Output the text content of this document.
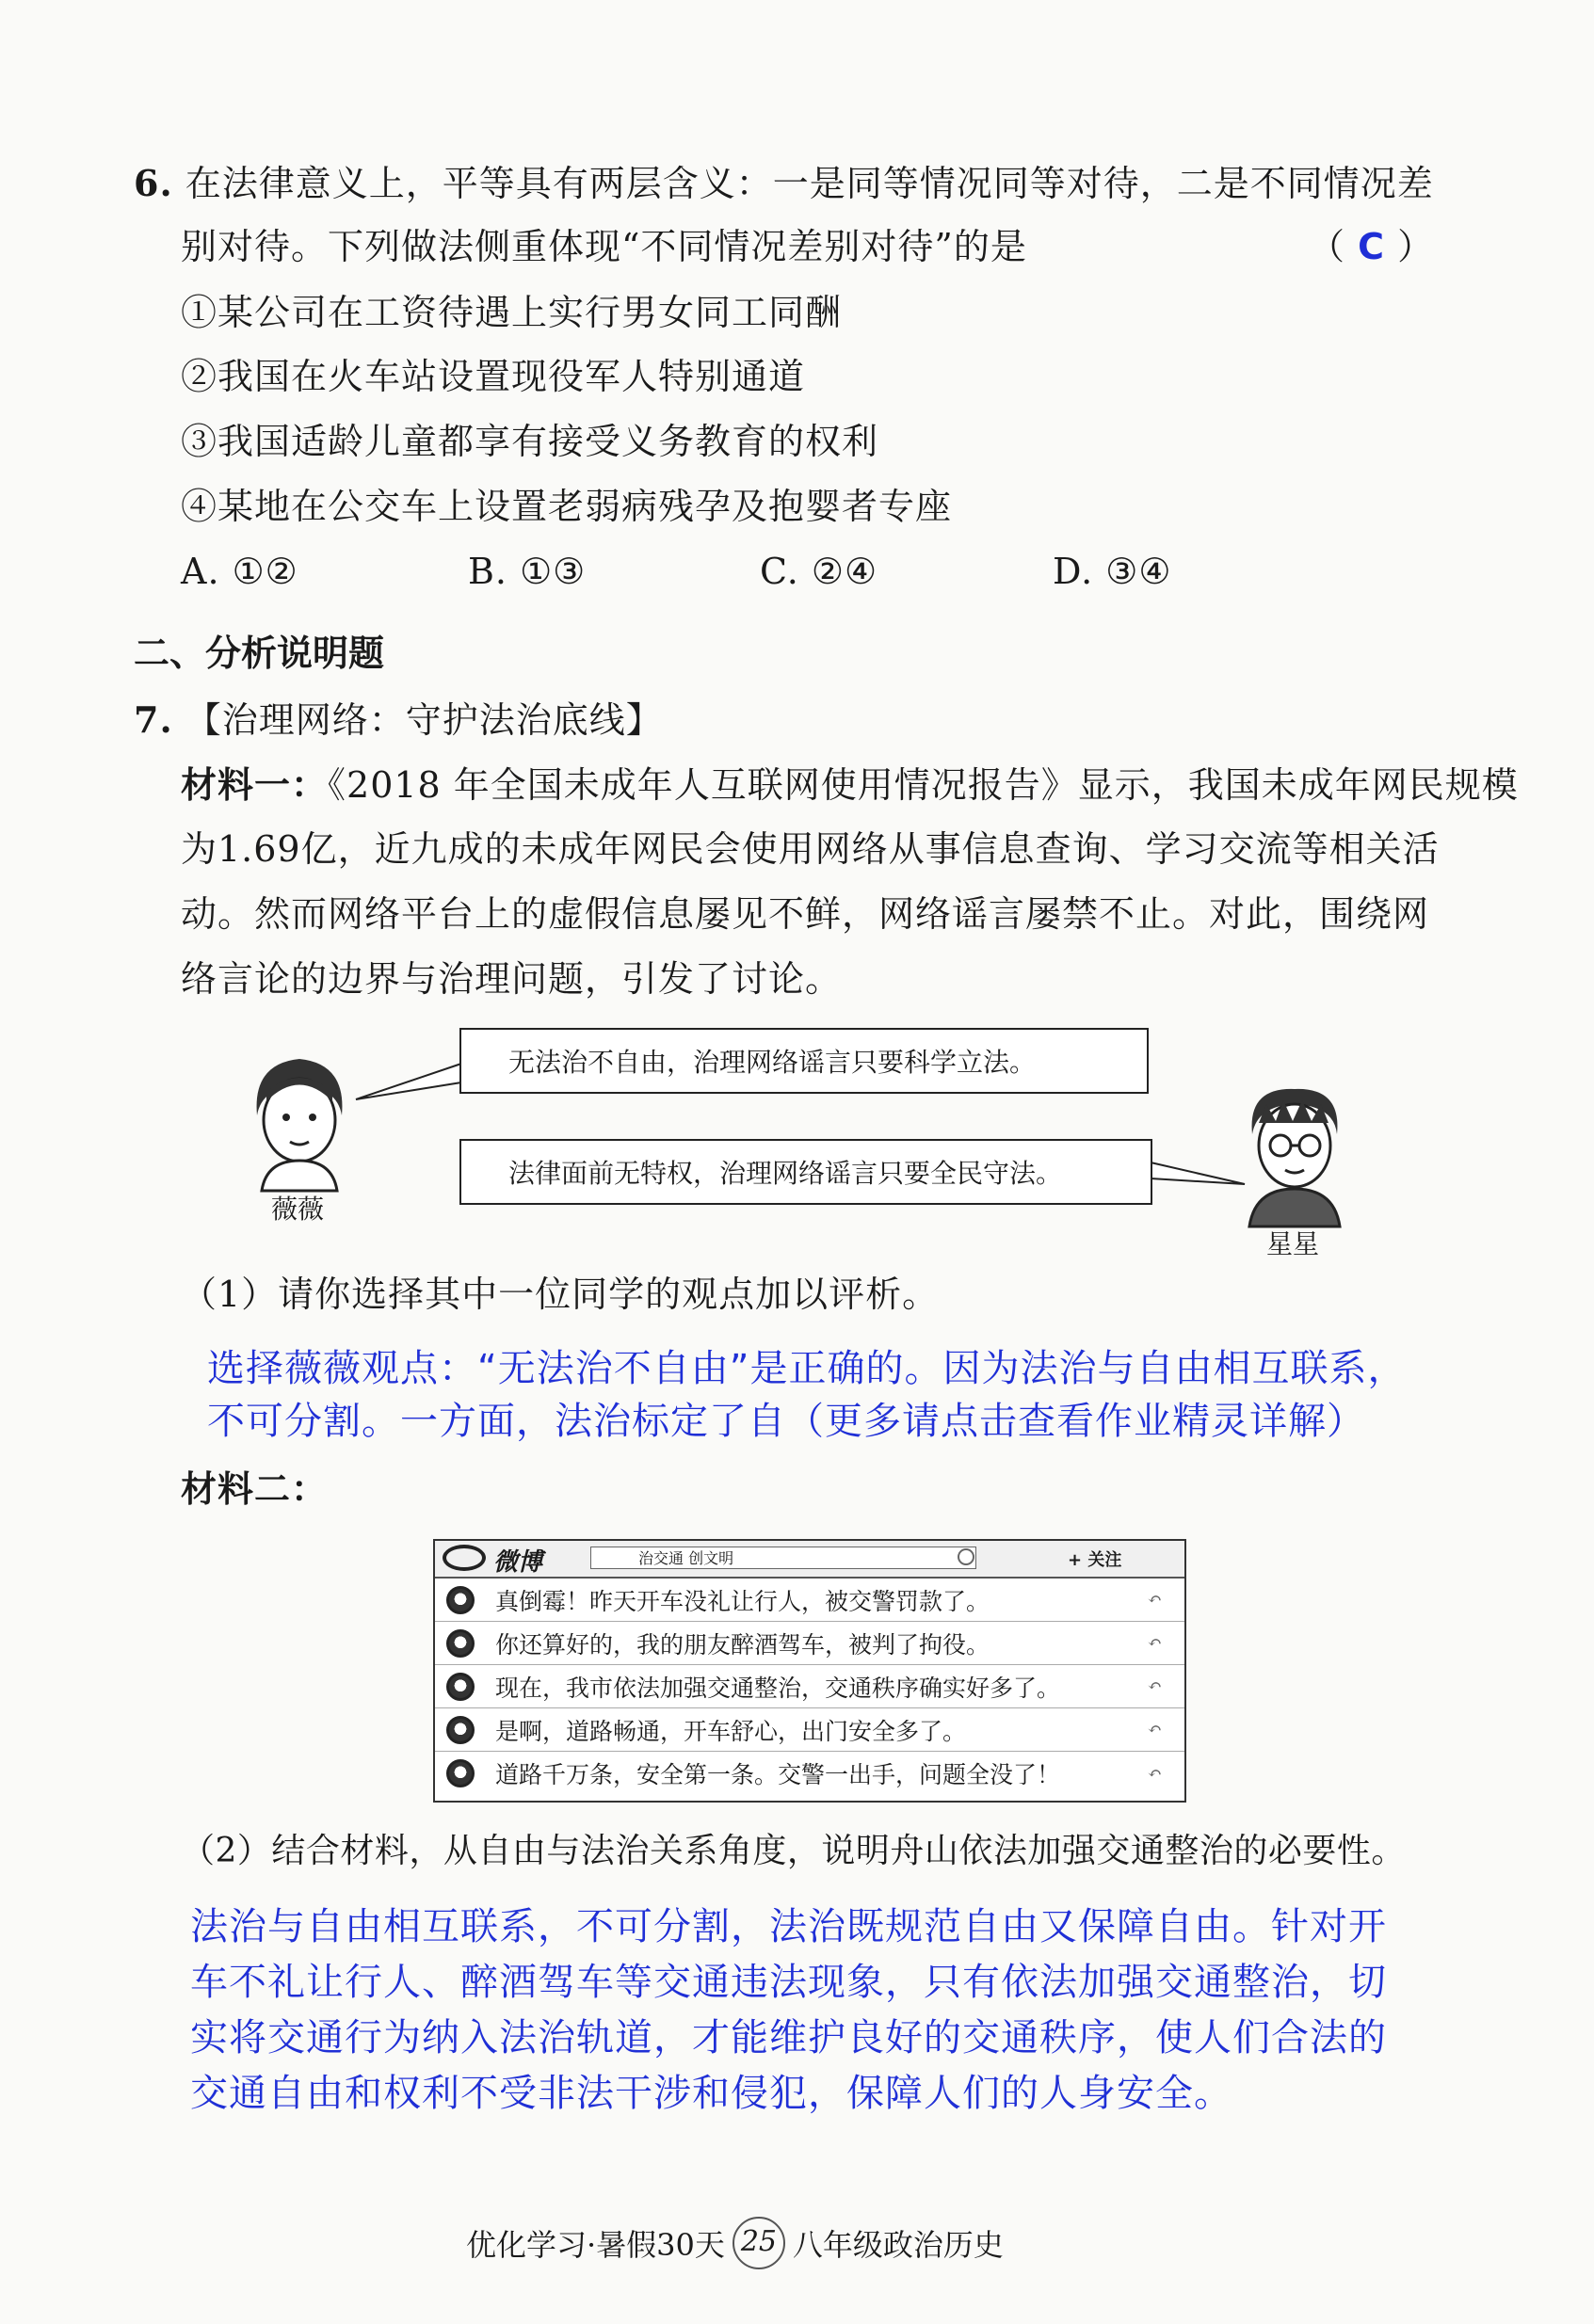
6. 在法律意义上，平等具有两层含义：一是同等情况同等对待，二是不同情况差
别对待。下列做法侧重体现“不同情况差别对待”的是	（ C ）
①某公司在工资待遇上实行男女同工同酬
②我国在火车站设置现役军人特别通道
③我国适龄儿童都享有接受义务教育的权利
④某地在公交车上设置老弱病残孕及抱婴者专座
A. ①②	B. ①③	C. ②④	D. ③④
二、分析说明题
7. 【治理网络：守护法治底线】
材料一：《2018 年全国未成年人互联网使用情况报告》显示，我国未成年网民规模
为1.69亿，近九成的未成年网民会使用网络从事信息查询、学习交流等相关活
动。然而网络平台上的虚假信息屡见不鲜，网络谣言屡禁不止。对此，围绕网
络言论的边界与治理问题，引发了讨论。
无法治不自由，治理网络谣言只要科学立法。
法律面前无特权，治理网络谣言只要全民守法。
薇薇
星星
（1）请你选择其中一位同学的观点加以评析。
选择薇薇观点：“无法治不自由”是正确的。因为法治与自由相互联系，
不可分割。一方面，法治标定了自（更多请点击查看作业精灵详解）
材料二：
微博	治交通 创文明	+ 关注
真倒霉！昨天开车没礼让行人，被交警罚款了。	↶
你还算好的，我的朋友醉酒驾车，被判了拘役。	↶
现在，我市依法加强交通整治，交通秩序确实好多了。	↶
是啊，道路畅通，开车舒心，出门安全多了。	↶
道路千万条，安全第一条。交警一出手，问题全没了！	↶
（2）结合材料，从自由与法治关系角度，说明舟山依法加强交通整治的必要性。
法治与自由相互联系，不可分割，法治既规范自由又保障自由。针对开
车不礼让行人、醉酒驾车等交通违法现象，只有依法加强交通整治，切
实将交通行为纳入法治轨道，才能维护良好的交通秩序，使人们合法的
交通自由和权利不受非法干涉和侵犯，保障人们的人身安全。
优化学习·暑假30天 25 八年级政治历史
